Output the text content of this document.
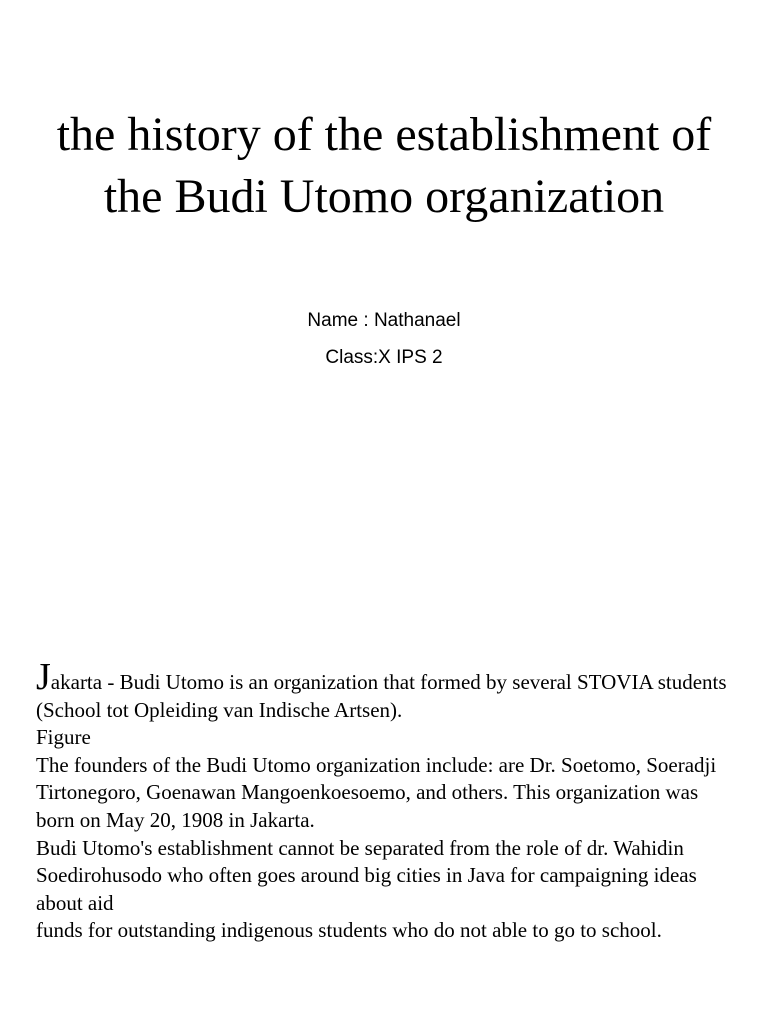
the history of the establishment of the Budi Utomo organization
Name : Nathanael
Class:X IPS 2

Jakarta - Budi Utomo is an organization that formed by several STOVIA students (School tot Opleiding van Indische Artsen).

Figure

The founders of the Budi Utomo organization include: are Dr. Soetomo, Soeradji Tirtonegoro, Goenawan Mangoenkoesoemo, and others. This organization was born on May 20, 1908 in Jakarta.

Budi Utomo's establishment cannot be separated from the role of dr. Wahidin Soedirohusodo who often goes around big cities in Java for campaigning ideas about aid

funds for outstanding indigenous students who do not able to go to school.
